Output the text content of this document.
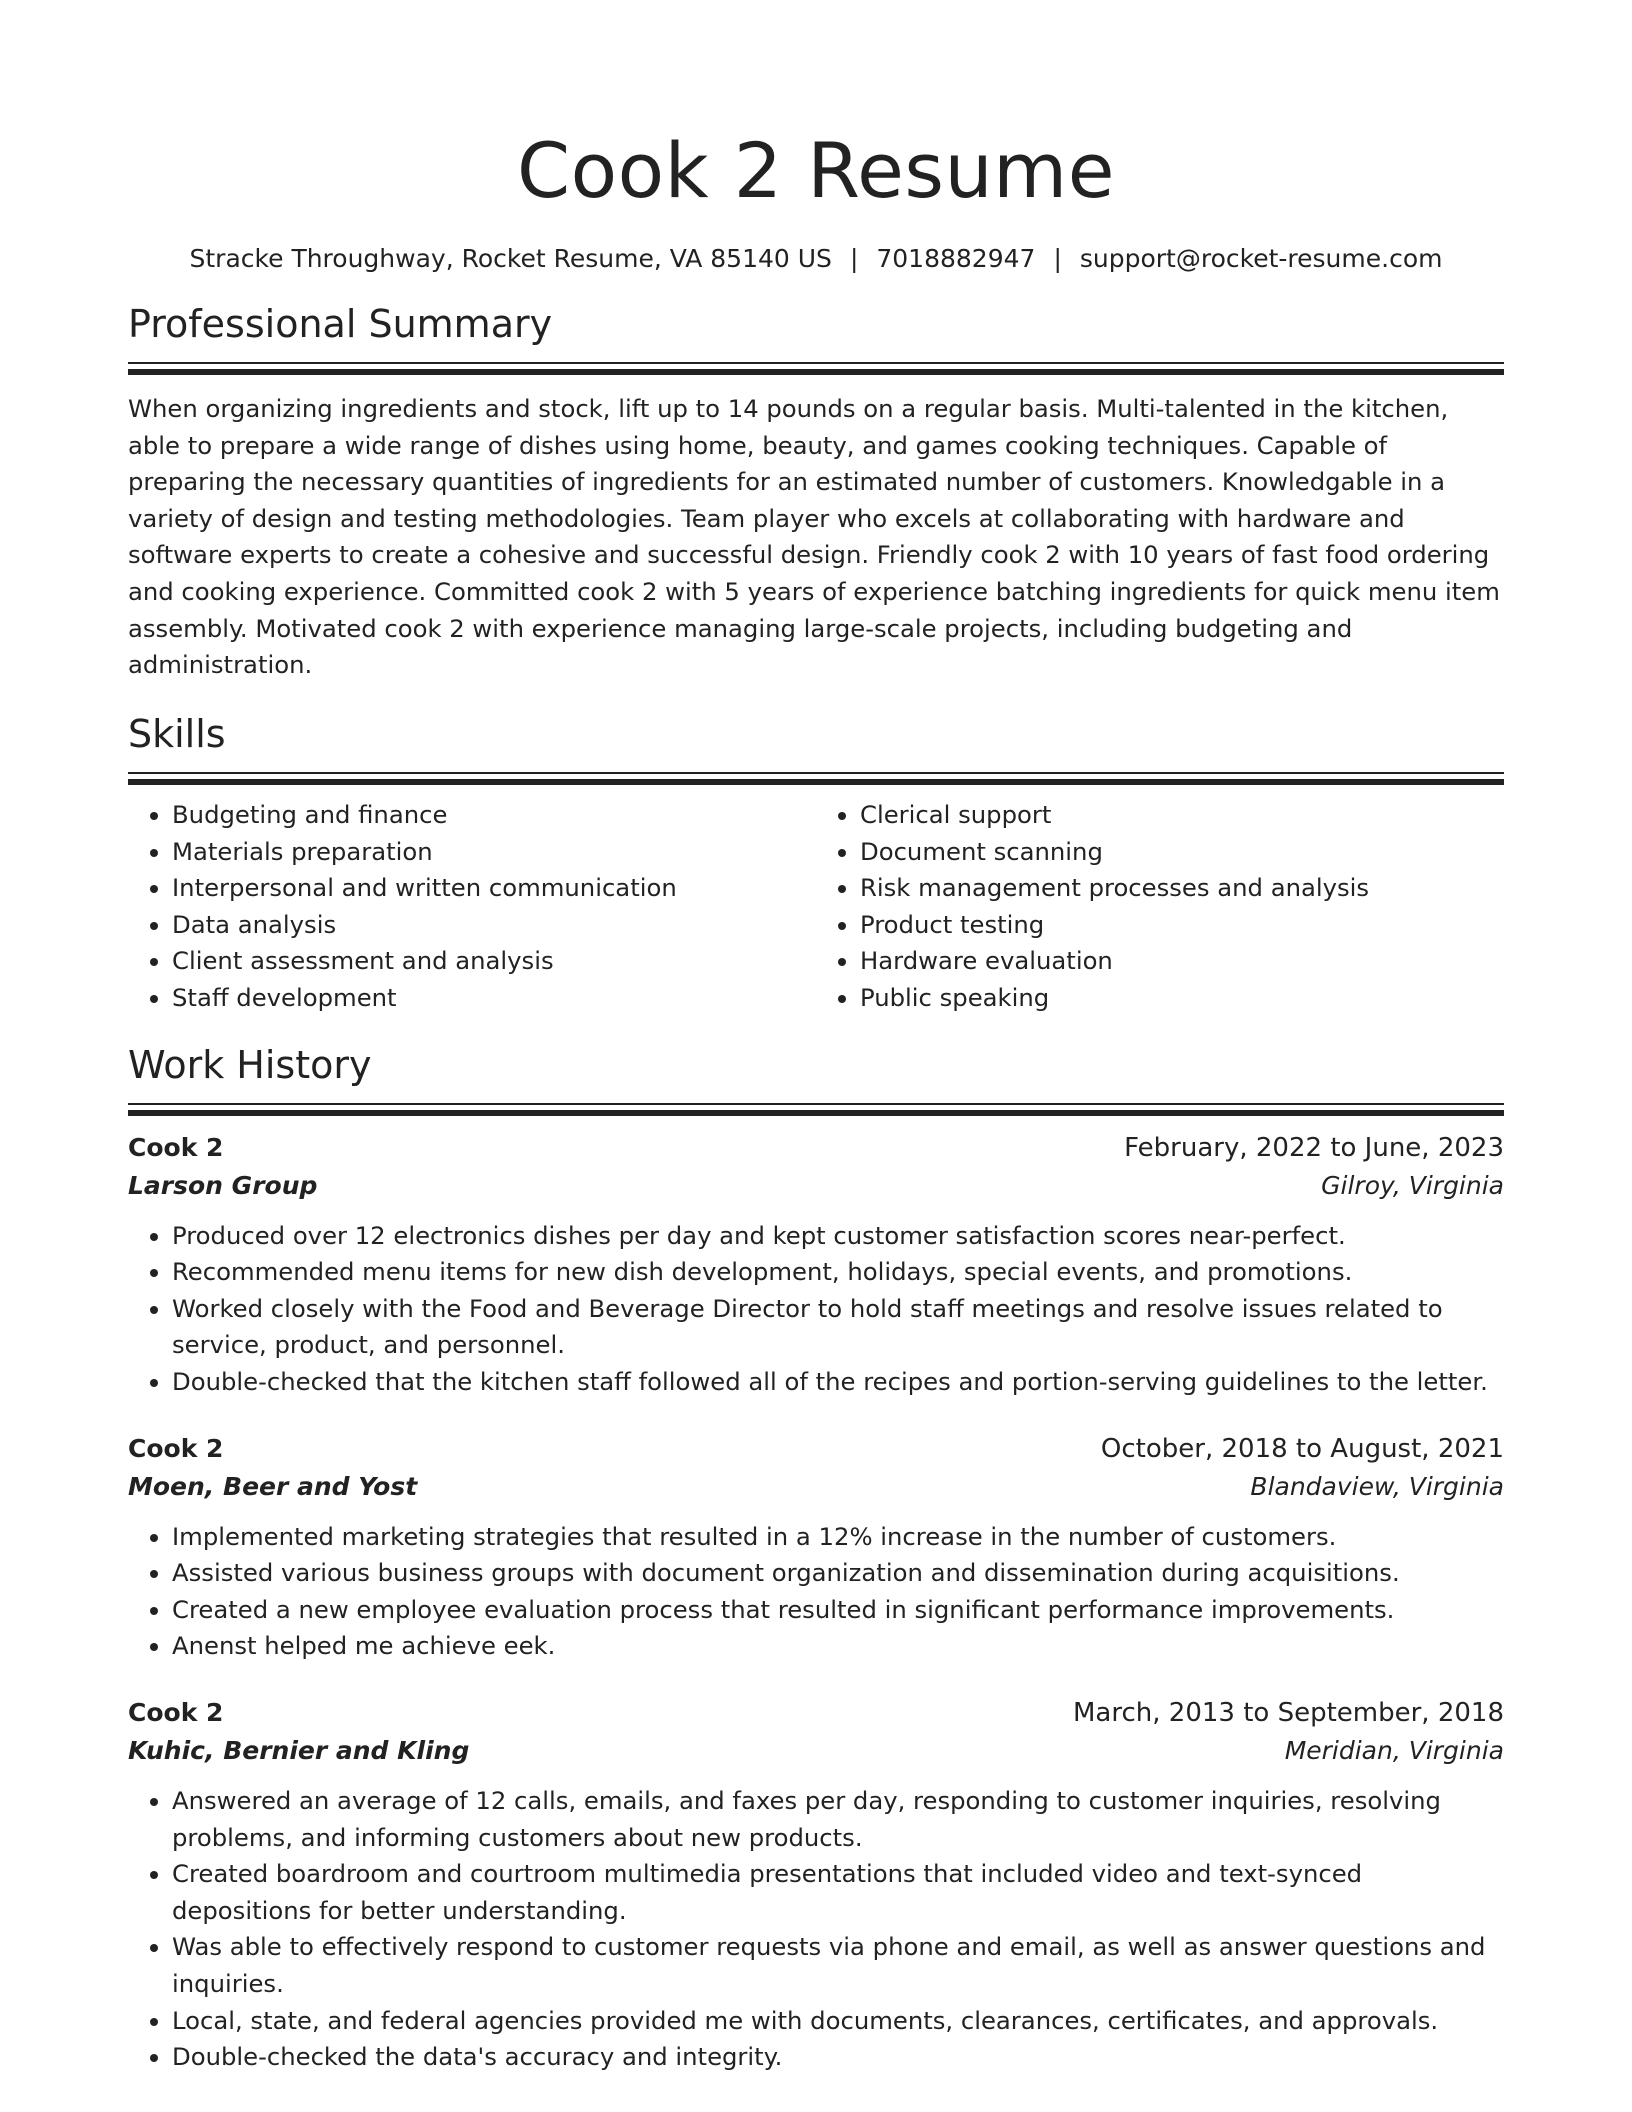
Cook 2 Resume
Stracke Throughway, Rocket Resume, VA 85140 US | 7018882947 | support@rocket-resume.com
Professional Summary

When organizing ingredients and stock, lift up to 14 pounds on a regular basis. Multi-talented in the kitchen, able to prepare a wide range of dishes using home, beauty, and games cooking techniques. Capable of preparing the necessary quantities of ingredients for an estimated number of customers. Knowledgable in a variety of design and testing methodologies. Team player who excels at collaborating with hardware and software experts to create a cohesive and successful design. Friendly cook 2 with 10 years of fast food ordering and cooking experience. Committed cook 2 with 5 years of experience batching ingredients for quick menu item assembly. Motivated cook 2 with experience managing large-scale projects, including budgeting and administration.

Skills
• Budgeting and finance
• Materials preparation
• Interpersonal and written communication
• Data analysis
• Client assessment and analysis
• Staff development
• Clerical support
• Document scanning
• Risk management processes and analysis
• Product testing
• Hardware evaluation
• Public speaking
Work History
Cook 2	February, 2022 to June, 2023
Larson Group	Gilroy, Virginia
• Produced over 12 electronics dishes per day and kept customer satisfaction scores near-perfect.
• Recommended menu items for new dish development, holidays, special events, and promotions.
• Worked closely with the Food and Beverage Director to hold staff meetings and resolve issues related to service, product, and personnel.
• Double-checked that the kitchen staff followed all of the recipes and portion-serving guidelines to the letter.
Cook 2	October, 2018 to August, 2021
Moen, Beer and Yost	Blandaview, Virginia
• Implemented marketing strategies that resulted in a 12% increase in the number of customers.
• Assisted various business groups with document organization and dissemination during acquisitions.
• Created a new employee evaluation process that resulted in significant performance improvements.
• Anenst helped me achieve eek.
Cook 2	March, 2013 to September, 2018
Kuhic, Bernier and Kling	Meridian, Virginia
• Answered an average of 12 calls, emails, and faxes per day, responding to customer inquiries, resolving problems, and informing customers about new products.
• Created boardroom and courtroom multimedia presentations that included video and text-synced depositions for better understanding.
• Was able to effectively respond to customer requests via phone and email, as well as answer questions and inquiries.
• Local, state, and federal agencies provided me with documents, clearances, certificates, and approvals.
• Double-checked the data's accuracy and integrity.
